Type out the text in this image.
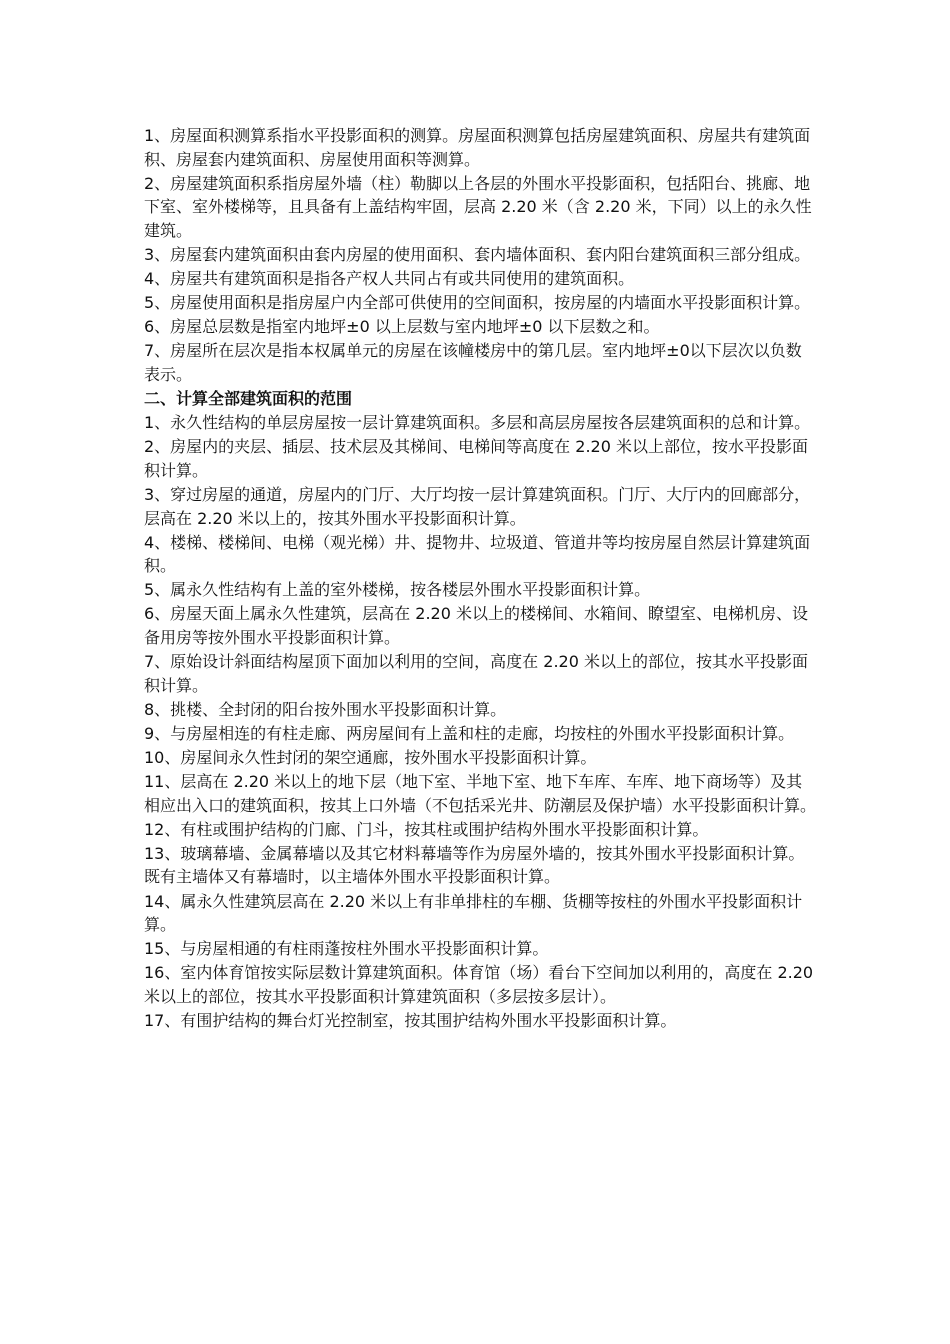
1、房屋面积测算系指水平投影面积的测算。房屋面积测算包括房屋建筑面积、房屋共有建筑面积、房屋套内建筑面积、房屋使用面积等测算。

2、房屋建筑面积系指房屋外墙（柱）勒脚以上各层的外围水平投影面积，包括阳台、挑廊、地下室、室外楼梯等，且具备有上盖结构牢固，层高 2.20 米（含 2.20 米，下同）以上的永久性建筑。

3、房屋套内建筑面积由套内房屋的使用面积、套内墙体面积、套内阳台建筑面积三部分组成。

4、房屋共有建筑面积是指各产权人共同占有或共同使用的建筑面积。

5、房屋使用面积是指房屋户内全部可供使用的空间面积，按房屋的内墙面水平投影面积计算。

6、房屋总层数是指室内地坪±0 以上层数与室内地坪±0 以下层数之和。

7、房屋所在层次是指本权属单元的房屋在该幢楼房中的第几层。室内地坪±0以下层次以负数表示。

二、计算全部建筑面积的范围

1、永久性结构的单层房屋按一层计算建筑面积。多层和高层房屋按各层建筑面积的总和计算。

2、房屋内的夹层、插层、技术层及其梯间、电梯间等高度在 2.20 米以上部位，按水平投影面积计算。

3、穿过房屋的通道，房屋内的门厅、大厅均按一层计算建筑面积。门厅、大厅内的回廊部分，层高在 2.20 米以上的，按其外围水平投影面积计算。

4、楼梯、楼梯间、电梯（观光梯）井、提物井、垃圾道、管道井等均按房屋自然层计算建筑面积。

5、属永久性结构有上盖的室外楼梯，按各楼层外围水平投影面积计算。

6、房屋天面上属永久性建筑，层高在 2.20 米以上的楼梯间、水箱间、瞭望室、电梯机房、设备用房等按外围水平投影面积计算。

7、原始设计斜面结构屋顶下面加以利用的空间，高度在 2.20 米以上的部位，按其水平投影面积计算。

8、挑楼、全封闭的阳台按外围水平投影面积计算。

9、与房屋相连的有柱走廊、两房屋间有上盖和柱的走廊，均按柱的外围水平投影面积计算。

10、房屋间永久性封闭的架空通廊，按外围水平投影面积计算。

11、层高在 2.20 米以上的地下层（地下室、半地下室、地下车库、车库、地下商场等）及其相应出入口的建筑面积，按其上口外墙（不包括采光井、防潮层及保护墙）水平投影面积计算。

12、有柱或围护结构的门廊、门斗，按其柱或围护结构外围水平投影面积计算。

13、玻璃幕墙、金属幕墙以及其它材料幕墙等作为房屋外墙的，按其外围水平投影面积计算。既有主墙体又有幕墙时，以主墙体外围水平投影面积计算。

14、属永久性建筑层高在 2.20 米以上有非单排柱的车棚、货棚等按柱的外围水平投影面积计算。

15、与房屋相通的有柱雨蓬按柱外围水平投影面积计算。

16、室内体育馆按实际层数计算建筑面积。体育馆（场）看台下空间加以利用的，高度在 2.20 米以上的部位，按其水平投影面积计算建筑面积（多层按多层计）。

17、有围护结构的舞台灯光控制室，按其围护结构外围水平投影面积计算。
